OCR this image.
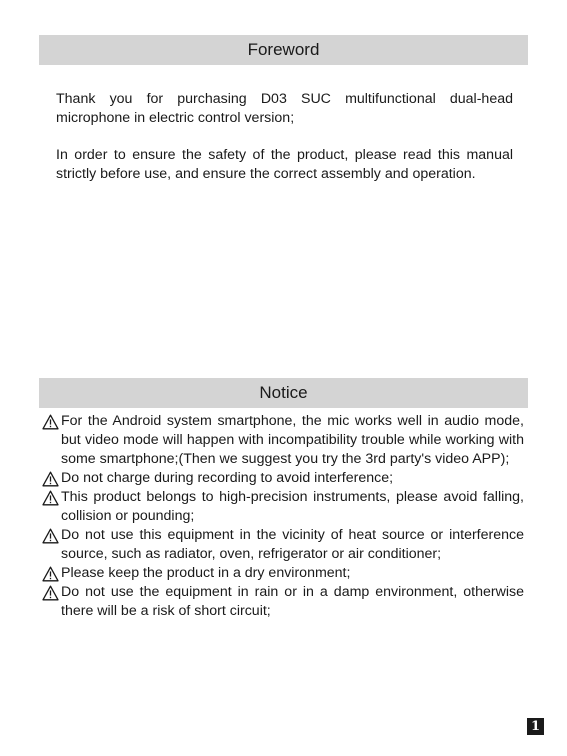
Foreword

Thank you for purchasing D03 SUC multifunctional dual-head microphone in electric control version;

In order to ensure the safety of the product, please read this manual strictly before use, and ensure the correct assembly and operation.

Notice
For the Android system smartphone, the mic works well in audio mode, but video mode will happen with incompatibility trouble while working with some smartphone;(Then we suggest you try the 3rd party's video APP);
Do not charge during recording to avoid interference;
This product belongs to high-precision instruments, please avoid falling, collision or pounding;
Do not use this equipment in the vicinity of heat source or interference source, such as radiator, oven, refrigerator or air conditioner;
Please keep the product in a dry environment;
Do not use the equipment in rain or in a damp environment, otherwise there will be a risk of short circuit;
1
